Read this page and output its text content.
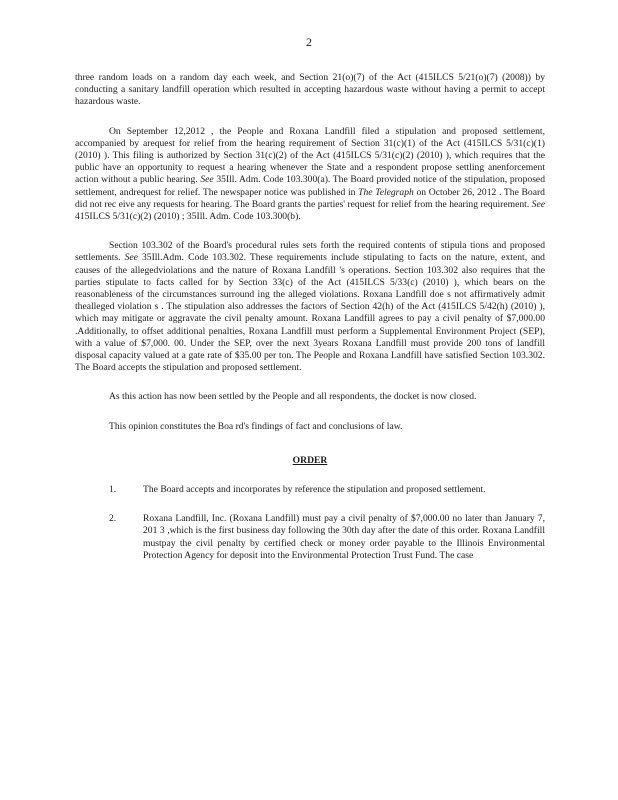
2

three random loads on a random day each week, and Section 21(o)(7) of the Act (415ILCS 5/21(o)(7) (2008)) by conducting a sanitary landfill operation which resulted in accepting hazardous waste without having a permit to accept hazardous waste.

On September 12,2012 , the People and Roxana Landfill filed a stipulation and proposed settlement, accompanied by arequest for relief from the hearing requirement of Section 31(c)(1) of the Act (415ILCS 5/31(c)(1) (2010) ). This filing is authorized by Section 31(c)(2) of the Act (415ILCS 5/31(c)(2) (2010) ), which requires that the public have an opportunity to request a hearing whenever the State and a respondent propose settling anenforcement action without a public hearing. See 35Ill. Adm. Code 103.300(a). The Board provided notice of the stipulation, proposed settlement, andrequest for relief. The newspaper notice was published in The Telegraph on October 26, 2012 . The Board did not rec eive any requests for hearing. The Board grants the parties' request for relief from the hearing requirement. See 415ILCS 5/31(c)(2) (2010) ; 35Ill. Adm. Code 103.300(b).

Section 103.302 of the Board's procedural rules sets forth the required contents of stipula tions and proposed settlements. See 35Ill.Adm. Code 103.302. These requirements include stipulating to facts on the nature, extent, and causes of the allegedviolations and the nature of Roxana Landfill 's operations. Section 103.302 also requires that the parties stipulate to facts called for by Section 33(c) of the Act (415ILCS 5/33(c) (2010) ), which bears on the reasonableness of the circumstances surround ing the alleged violations. Roxana Landfill doe s not affirmatively admit thealleged violation s . The stipulation also addresses the factors of Section 42(h) of the Act (415ILCS 5/42(h) (2010) ), which may mitigate or aggravate the civil penalty amount. Roxana Landfill agrees to pay a civil penalty of $7,000.00 .Additionally, to offset additional penalties, Roxana Landfill must perform a Supplemental Environment Project (SEP), with a value of $7,000. 00. Under the SEP, over the next 3years Roxana Landfill must provide 200 tons of landfill disposal capacity valued at a gate rate of $35.00 per ton. The People and Roxana Landfill have satisfied Section 103.302. The Board accepts the stipulation and proposed settlement.

As this action has now been settled by the People and all respondents, the docket is now closed.

This opinion constitutes the Boa rd's findings of fact and conclusions of law.

ORDER
1.	The Board accepts and incorporates by reference the stipulation and proposed settlement.
2.	Roxana Landfill, Inc. (Roxana Landfill) must pay a civil penalty of $7,000.00 no later than January 7, 201 3 ,which is the first business day following the 30th day after the date of this order. Roxana Landfill mustpay the civil penalty by certified check or money order payable to the Illinois Environmental Protection Agency for deposit into the Environmental Protection Trust Fund. The case
